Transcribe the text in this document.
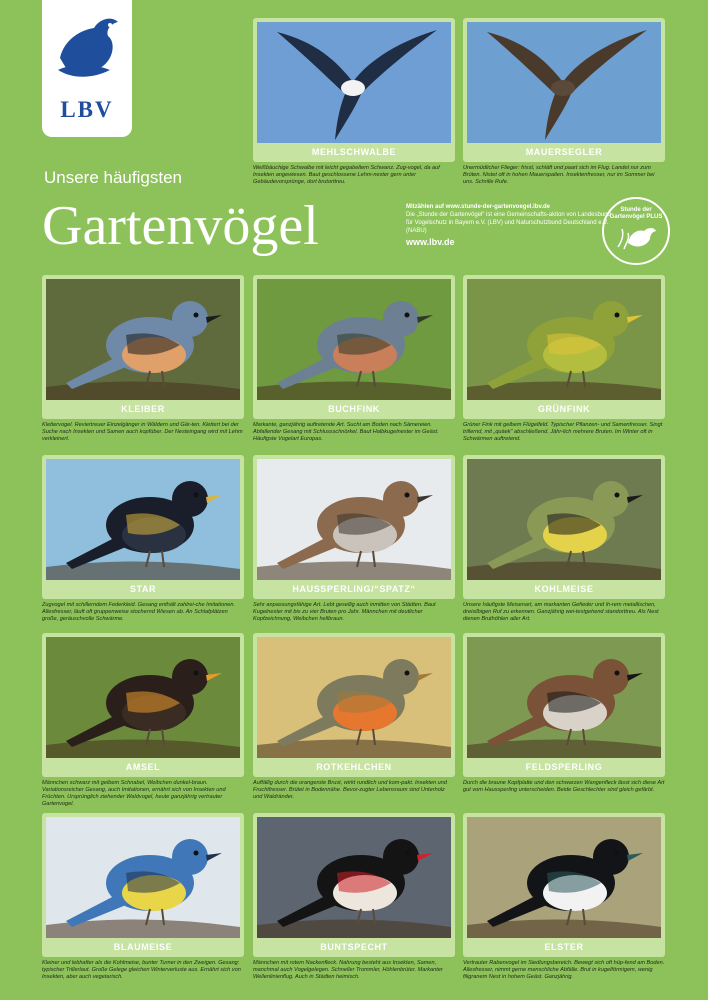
LBV
Unsere häufigsten
Gartenvögel	Mitzählen auf www.stunde-der-gartenvoegel.lbv.de
Die „Stunde der Gartenvögel“ ist eine Gemeinschafts-aktion von Landesbund für Vogelschutz in Bayern e.V. (LBV) und Naturschutzbund Deutschland e.V. (NABU)
www.lbv.de
Stunde der Gartenvögel PLUS
MEHLSCHWALBE
Weißbäuchige Schwalbe mit leicht gegabeltem Schwanz. Zug-vogel, da auf Insekten angewiesen. Baut geschlossene Lehm-nester gern unter Gebäudevorsprünge, dort brutorttreu.
MAUERSEGLER
Unermüdlicher Flieger: frisst, schläft und paart sich im Flug. Landet nur zum Brüten. Nistet oft in hohen Mauerspalten. Insektenfresser, nur im Sommer bei uns. Schrille Rufe.
KLEIBER
Klettervogel. Reviertreuer Einzelgänger in Wäldern und Gär-ten. Klettert bei der Suche nach Insekten und Samen auch kopfüber. Der Nesteingang wird mit Lehm verkleinert.
BUCHFINK
Markante, ganzjährig auftretende Art. Sucht am Boden nach Sämereien. Abfallender Gesang mit Schlussschnörkel. Baut Halbkugelnester im Geäst. Häufigste Vogelart Europas.
GRÜNFINK
Grüner Fink mit gelbem Flügelfeld. Typischer Pflanzen- und Samenfresser. Singt trillernd, mit „quäek“ abschließend. Jähr-lich mehrere Bruten. Im Winter oft in Schwärmen auftretend.
STAR
Zugvogel mit schillerndem Federkleid. Gesang enthält zahlrei-che Imitationen. Allesfresser, läuft oft gruppenweise stochernd Wiesen ab. An Schlafplätzen große, geräuschvolle Schwärme.
HAUSSPERLING/“SPATZ“
Sehr anpassungsfähige Art. Lebt gesellig auch inmitten von Städten. Baut Kugelnester mit bis zu vier Bruten pro Jahr. Männchen mit deutlicher Kopfzeichnung, Weibchen hellbraun.
KOHLMEISE
Unsere häufigste Meisenart, am markanten Gefieder und ih-rem metallischen, dreisilbigen Ruf zu erkennen. Ganzjährig wei-testgehend standorttreu. Als Nest dienen Bruthöhlen aller Art.
AMSEL
Männchen schwarz mit gelbem Schnabel, Weibchen dunkel-braun. Variationsreicher Gesang, auch Imitationen, ernährt sich von Insekten und Früchten. Ursprünglich ziehender Waldvogel, heute ganzjährig vertrauter Gartenvogel.
ROTKEHLCHEN
Auffällig durch die orangerote Brust, wirkt rundlich und kom-pakt. Insekten und Fruchtfresser. Brütet in Bodennähe. Bevor-zugter Lebensraum sind Unterholz und Waldränder.
FELDSPERLING
Durch die braune Kopfplatte und den schwarzen Wangenfleck lässt sich diese Art gut vom Haussperling unterscheiden. Beide Geschlechter sind gleich gefärbt.
BLAUMEISE
Kleiner und lebhafter als die Kohlmeise, bunter Turner in den Zweigen. Gesang: typischer Trillerlaut. Große Gelege gleichen Winterverluste aus. Ernährt sich von Insekten, aber auch vegetarisch.
BUNTSPECHT
Männchen mit rotem Nackenfleck. Nahrung besteht aus Insekten, Samen, manchmal auch Vogelgelegen. Schneller Trommler, Höhlenbrüter. Markanter Wellenlinienflug. Auch in Städten heimisch.
ELSTER
Vertrauter Rabenvogel im Siedlungsbereich. Bewegt sich oft hüp-fend am Boden. Allesfresser, nimmt gerne menschliche Abfälle. Brut in kugelförmigem, wenig filigranem Nest in hohem Geäst. Ganzjährig.
